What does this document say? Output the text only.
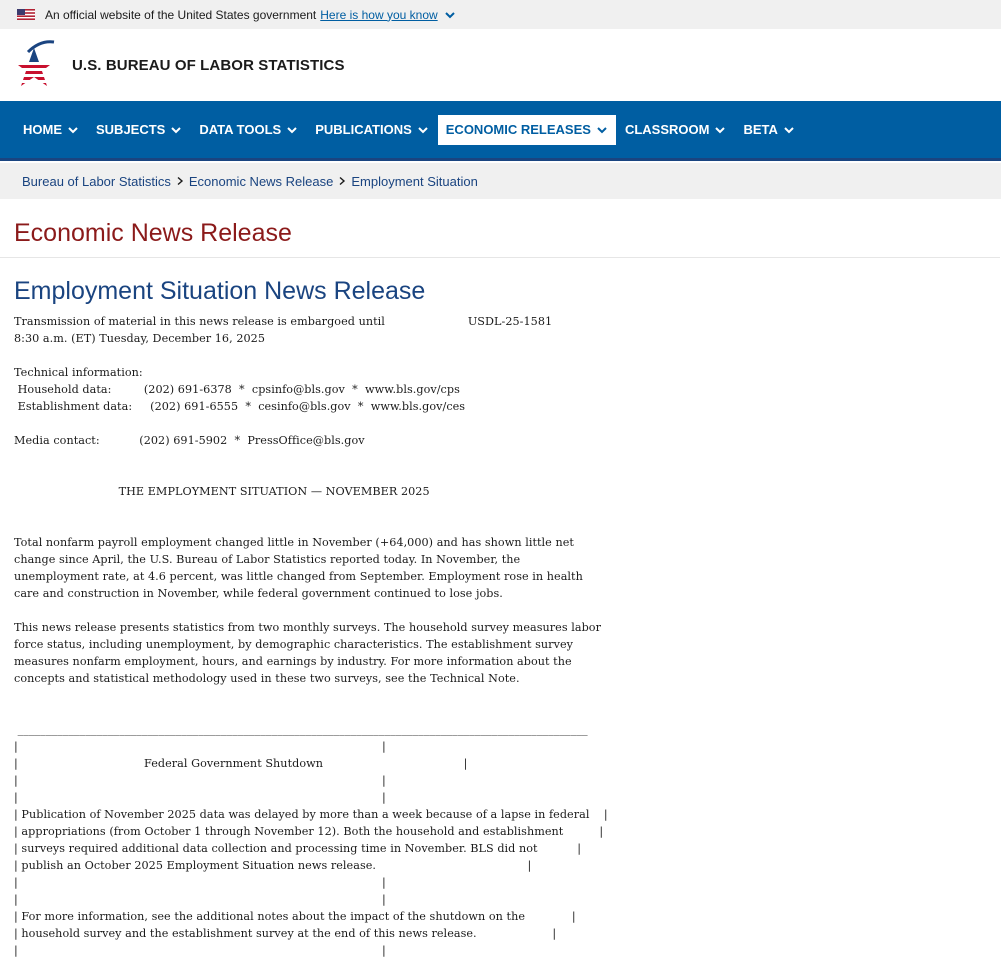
An official website of the United States government Here is how you know
U.S. BUREAU OF LABOR STATISTICS
HOME	SUBJECTS	DATA TOOLS	PUBLICATIONS	ECONOMIC RELEASES	CLASSROOM	BETA
Bureau of Labor Statistics Economic News Release Employment Situation
Economic News Release
Employment Situation News Release
Transmission of material in this news release is embargoed until                       USDL-25-1581
8:30 a.m. (ET) Tuesday, December 16, 2025

Technical information:
Household data:         (202) 691-6378  *  cpsinfo@bls.gov  *  www.bls.gov/cps
Establishment data:     (202) 691-6555  *  cesinfo@bls.gov  *  www.bls.gov/ces

Media contact:           (202) 691-5902  *  PressOffice@bls.gov

THE EMPLOYMENT SITUATION — NOVEMBER 2025

Total nonfarm payroll employment changed little in November (+64,000) and has shown little net
change since April, the U.S. Bureau of Labor Statistics reported today. In November, the
unemployment rate, at 4.6 percent, was little changed from September. Employment rose in health
care and construction in November, while federal government continued to lose jobs.

This news release presents statistics from two monthly surveys. The household survey measures labor
force status, including unemployment, by demographic characteristics. The establishment survey
measures nonfarm employment, hours, and earnings by industry. For more information about the
concepts and statistical methodology used in these two surveys, see the Technical Note.

_____________________________________________________________________________________________________
|                                                                                                     |
|                                   Federal Government Shutdown                                       |
|                                                                                                     |
|                                                                                                     |
| Publication of November 2025 data was delayed by more than a week because of a lapse in federal    |
| appropriations (from October 1 through November 12). Both the household and establishment          |
| surveys required additional data collection and processing time in November. BLS did not           |
| publish an October 2025 Employment Situation news release.                                          |
|                                                                                                     |
|                                                                                                     |
| For more information, see the additional notes about the impact of the shutdown on the             |
| household survey and the establishment survey at the end of this news release.                     |
|                                                                                                     |
